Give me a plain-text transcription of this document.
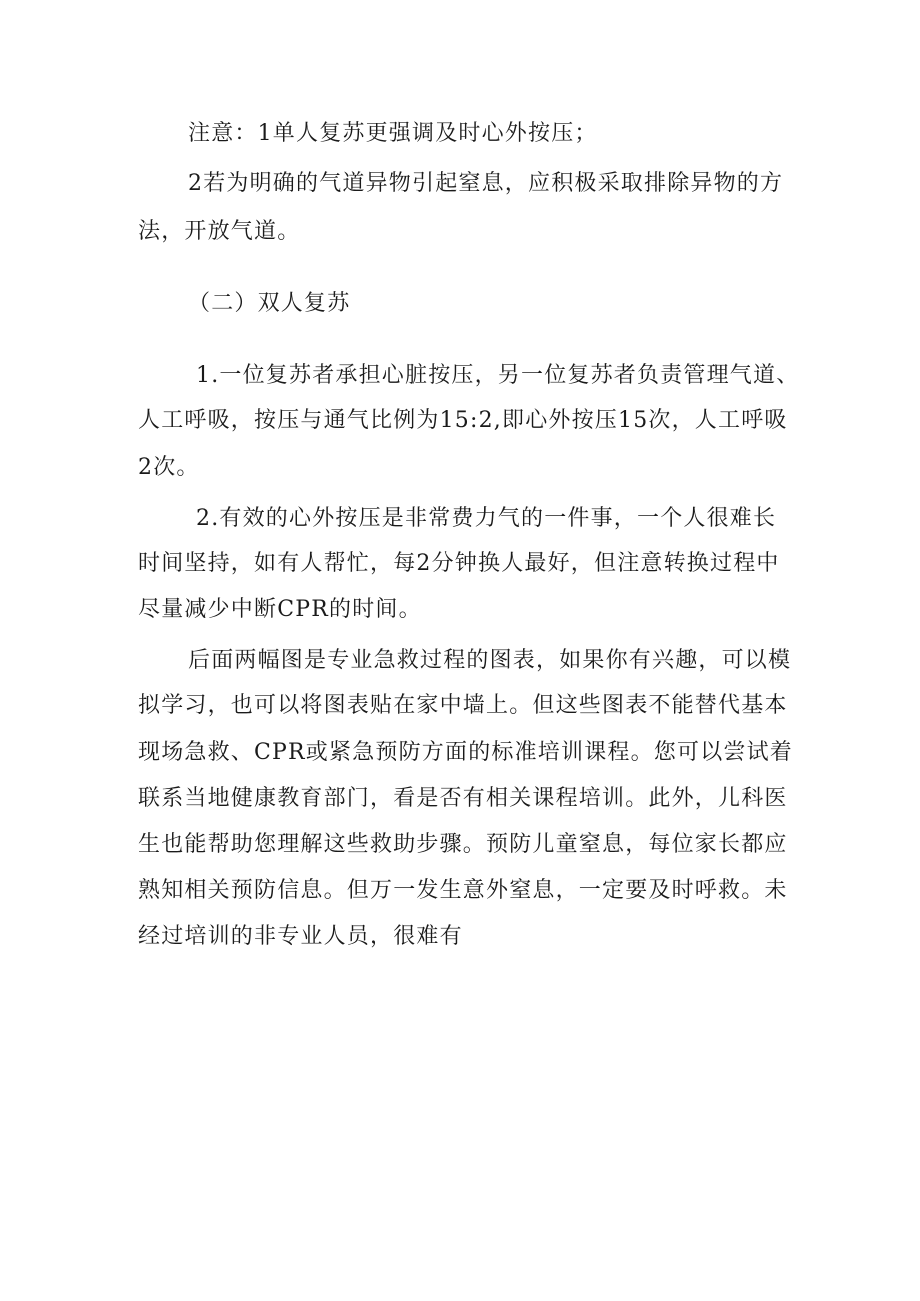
注意：1单人复苏更强调及时心外按压；
2若为明确的气道异物引起窒息，应积极采取排除异物的方
法，开放气道。
（二）双人复苏
1.一位复苏者承担心脏按压，另一位复苏者负责管理气道、
人工呼吸，按压与通气比例为15:2,即心外按压15次，人工呼吸
2次。
2.有效的心外按压是非常费力气的一件事，一个人很难长
时间坚持，如有人帮忙，每2分钟换人最好，但注意转换过程中
尽量减少中断CPR的时间。
后面两幅图是专业急救过程的图表，如果你有兴趣，可以模
拟学习，也可以将图表贴在家中墙上。但这些图表不能替代基本
现场急救、CPR或紧急预防方面的标准培训课程。您可以尝试着
联系当地健康教育部门，看是否有相关课程培训。此外，儿科医
生也能帮助您理解这些救助步骤。预防儿童窒息，每位家长都应
熟知相关预防信息。但万一发生意外窒息，一定要及时呼救。未
经过培训的非专业人员，很难有
